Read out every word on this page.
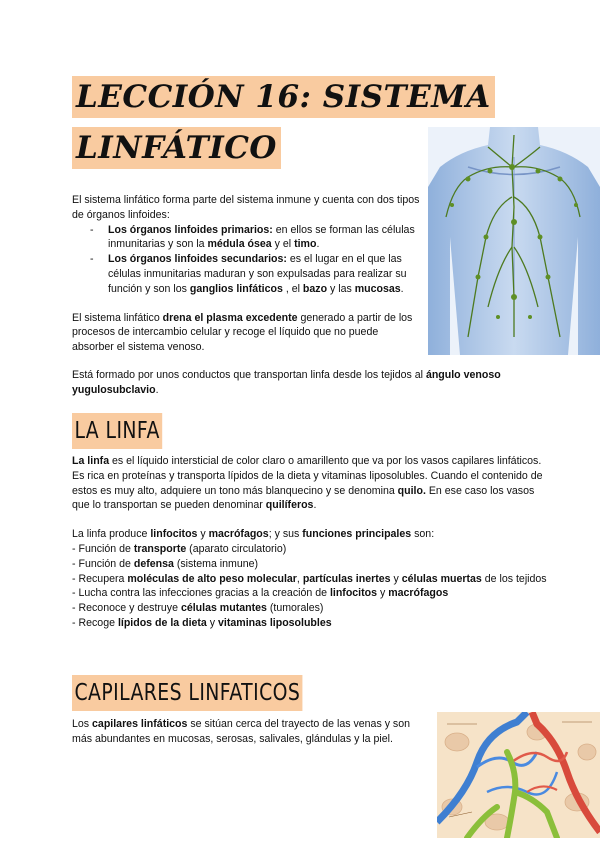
LECCIÓN 16: SISTEMA
LINFÁTICO

El sistema linfático forma parte del sistema inmune y cuenta con dos tipos de órganos linfoides:

- Los órganos linfoides primarios: en ellos se forman las células inmunitarias y son la médula ósea y el timo.
- Los órganos linfoides secundarios: es el lugar en el que las células inmunitarias maduran y son expulsadas para realizar su función y son los ganglios linfáticos , el bazo y las mucosas.

El sistema linfático drena el plasma excedente generado a partir de los procesos de intercambio celular y recoge el líquido que no puede absorber el sistema venoso.

Está formado por unos conductos que transportan linfa desde los tejidos al ángulo venoso yugulosubclavio.
LA LINFA

La linfa es el líquido intersticial de color claro o amarillento que va por los vasos capilares linfáticos. Es rica en proteínas y transporta lípidos de la dieta y vitaminas liposolubles. Cuando el contenido de estos es muy alto, adquiere un tono más blanquecino y se denomina quilo. En ese caso los vasos que lo transportan se pueden denominar quilíferos.

La linfa produce linfocitos y macrófagos; y sus funciones principales son:

- Función de transporte (aparato circulatorio)

- Función de defensa (sistema inmune)

- Recupera moléculas de alto peso molecular, partículas inertes y células muertas de los tejidos

- Lucha contra las infecciones gracias a la creación de linfocitos y macrófagos

- Reconoce y destruye células mutantes (tumorales)

- Recoge lípidos de la dieta y vitaminas liposolubles

CAPILARES LINFATICOS
Los capilares linfáticos se sitúan cerca del trayecto de las venas y son más abundantes en mucosas, serosas, salivales, glándulas y la piel.
